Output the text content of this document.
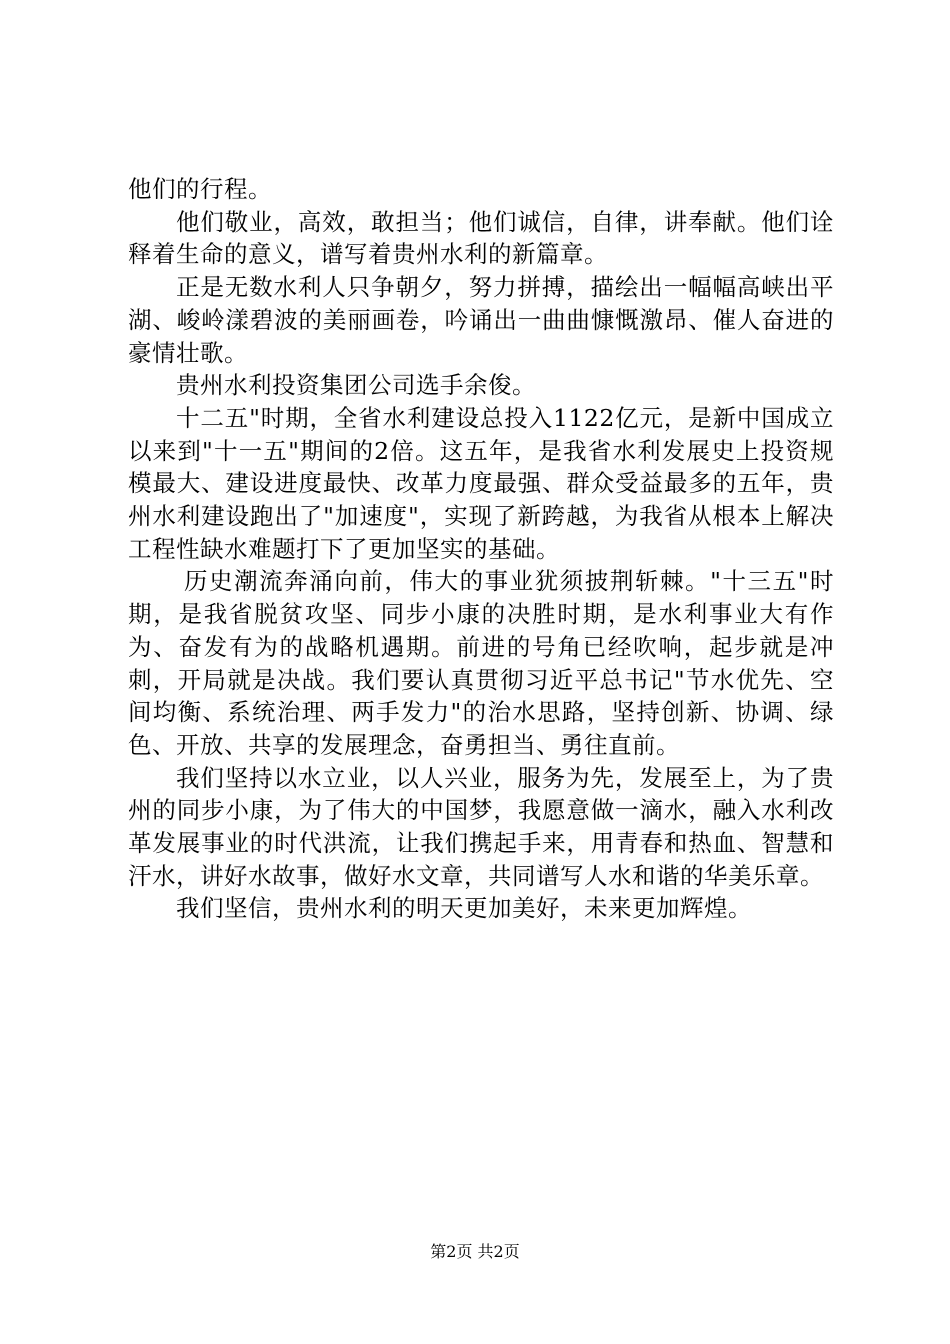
他们的行程。

他们敬业，高效，敢担当；他们诚信，自律，讲奉献。他们诠释着生命的意义，谱写着贵州水利的新篇章。

正是无数水利人只争朝夕，努力拼搏，描绘出一幅幅高峡出平湖、峻岭漾碧波的美丽画卷，吟诵出一曲曲慷慨激昂、催人奋进的豪情壮歌。

贵州水利投资集团公司选手余俊。

十二五"时期，全省水利建设总投入1122亿元，是新中国成立以来到"十一五"期间的2倍。这五年，是我省水利发展史上投资规模最大、建设进度最快、改革力度最强、群众受益最多的五年，贵州水利建设跑出了"加速度"，实现了新跨越，为我省从根本上解决工程性缺水难题打下了更加坚实的基础。

历史潮流奔涌向前，伟大的事业犹须披荆斩棘。"十三五"时期，是我省脱贫攻坚、同步小康的决胜时期，是水利事业大有作为、奋发有为的战略机遇期。前进的号角已经吹响，起步就是冲刺，开局就是决战。我们要认真贯彻习近平总书记"节水优先、空间均衡、系统治理、两手发力"的治水思路，坚持创新、协调、绿色、开放、共享的发展理念，奋勇担当、勇往直前。

我们坚持以水立业，以人兴业，服务为先，发展至上，为了贵州的同步小康，为了伟大的中国梦，我愿意做一滴水，融入水利改革发展事业的时代洪流，让我们携起手来，用青春和热血、智慧和汗水，讲好水故事，做好水文章，共同谱写人水和谐的华美乐章。

我们坚信，贵州水利的明天更加美好，未来更加辉煌。

第2页 共2页
